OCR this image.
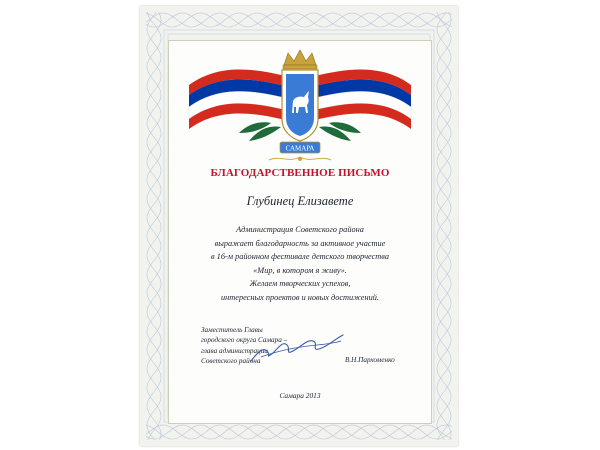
САМАРА
БЛАГОДАРСТВЕННОЕ ПИСЬМО
Глубинец Елизавете
Администрация Советского района
выражает благодарность за активное участие
в 16-м районном фестивале детского творчества
«Мир, в котором я живу».
Желаем творческих успехов,
интересных проектов и новых достижений.
Заместитель Главы
городского округа Самара –
глава администрации
Советского района	В.Н.Пархоменко
Самара 2013
